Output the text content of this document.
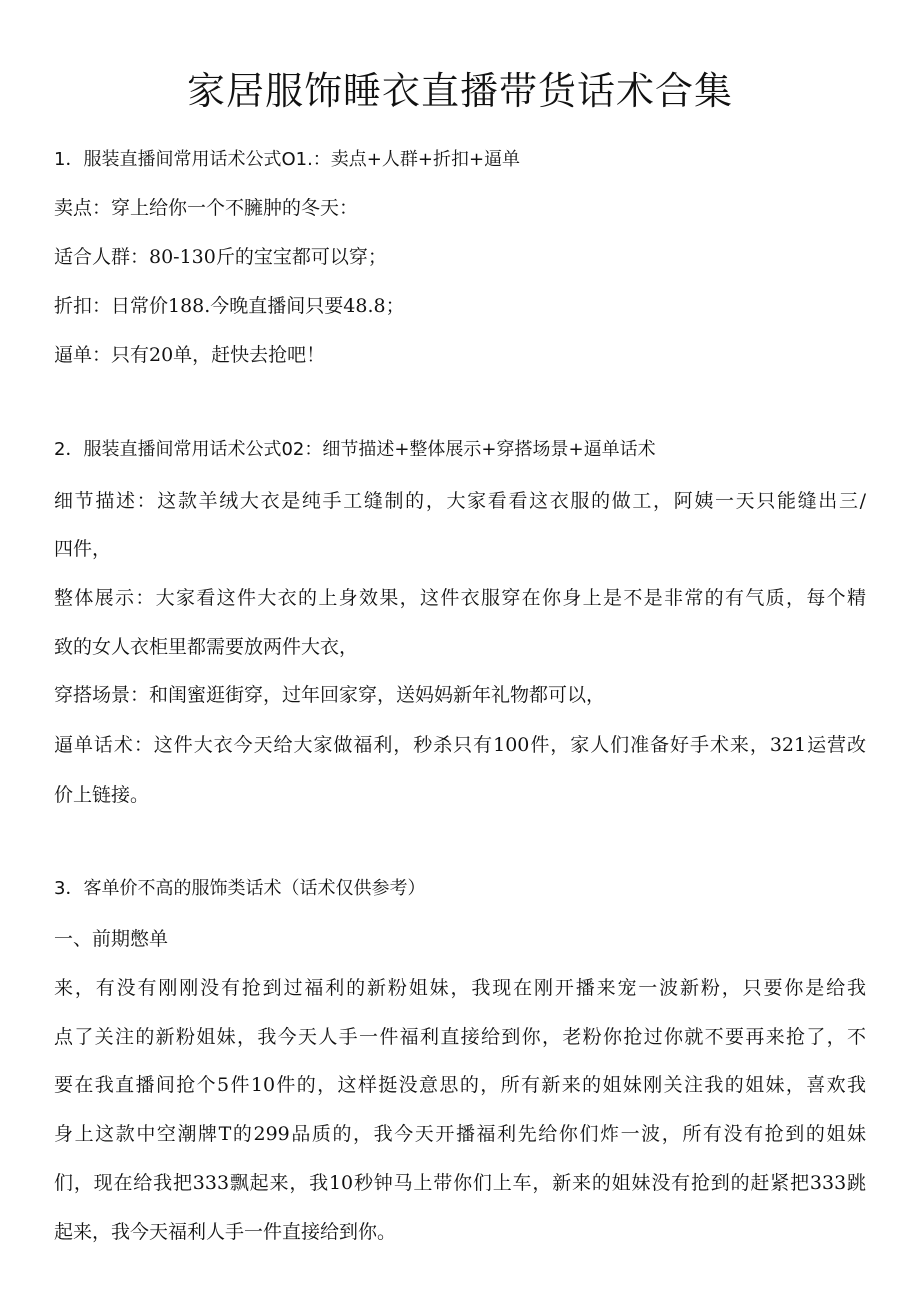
家居服饰睡衣直播带货话术合集

1．服装直播间常用话术公式O1.：卖点+人群+折扣+逼单

卖点：穿上给你一个不臃肿的冬天：

适合人群：80-130斤的宝宝都可以穿；

折扣：日常价188.今晚直播间只要48.8；

逼单：只有20单，赶快去抢吧！

2．服装直播间常用话术公式02：细节描述+整体展示+穿搭场景+逼单话术

细节描述：这款羊绒大衣是纯手工缝制的，大家看看这衣服的做工，阿姨一天只能缝出三/

四件，

整体展示：大家看这件大衣的上身效果，这件衣服穿在你身上是不是非常的有气质，每个精

致的女人衣柜里都需要放两件大衣，

穿搭场景：和闺蜜逛街穿，过年回家穿，送妈妈新年礼物都可以，

逼单话术：这件大衣今天给大家做福利，秒杀只有100件，家人们准备好手术来，321运营改

价上链接。

3．客单价不高的服饰类话术（话术仅供参考）

一、前期憋单

来，有没有刚刚没有抢到过福利的新粉姐妹，我现在刚开播来宠一波新粉，只要你是给我

点了关注的新粉姐妹，我今天人手一件福利直接给到你，老粉你抢过你就不要再来抢了，不

要在我直播间抢个5件10件的，这样挺没意思的，所有新来的姐妹刚关注我的姐妹，喜欢我

身上这款中空潮牌T的299品质的，我今天开播福利先给你们炸一波，所有没有抢到的姐妹

们，现在给我把333飘起来，我10秒钟马上带你们上车，新来的姐妹没有抢到的赶紧把333跳

起来，我今天福利人手一件直接给到你。
